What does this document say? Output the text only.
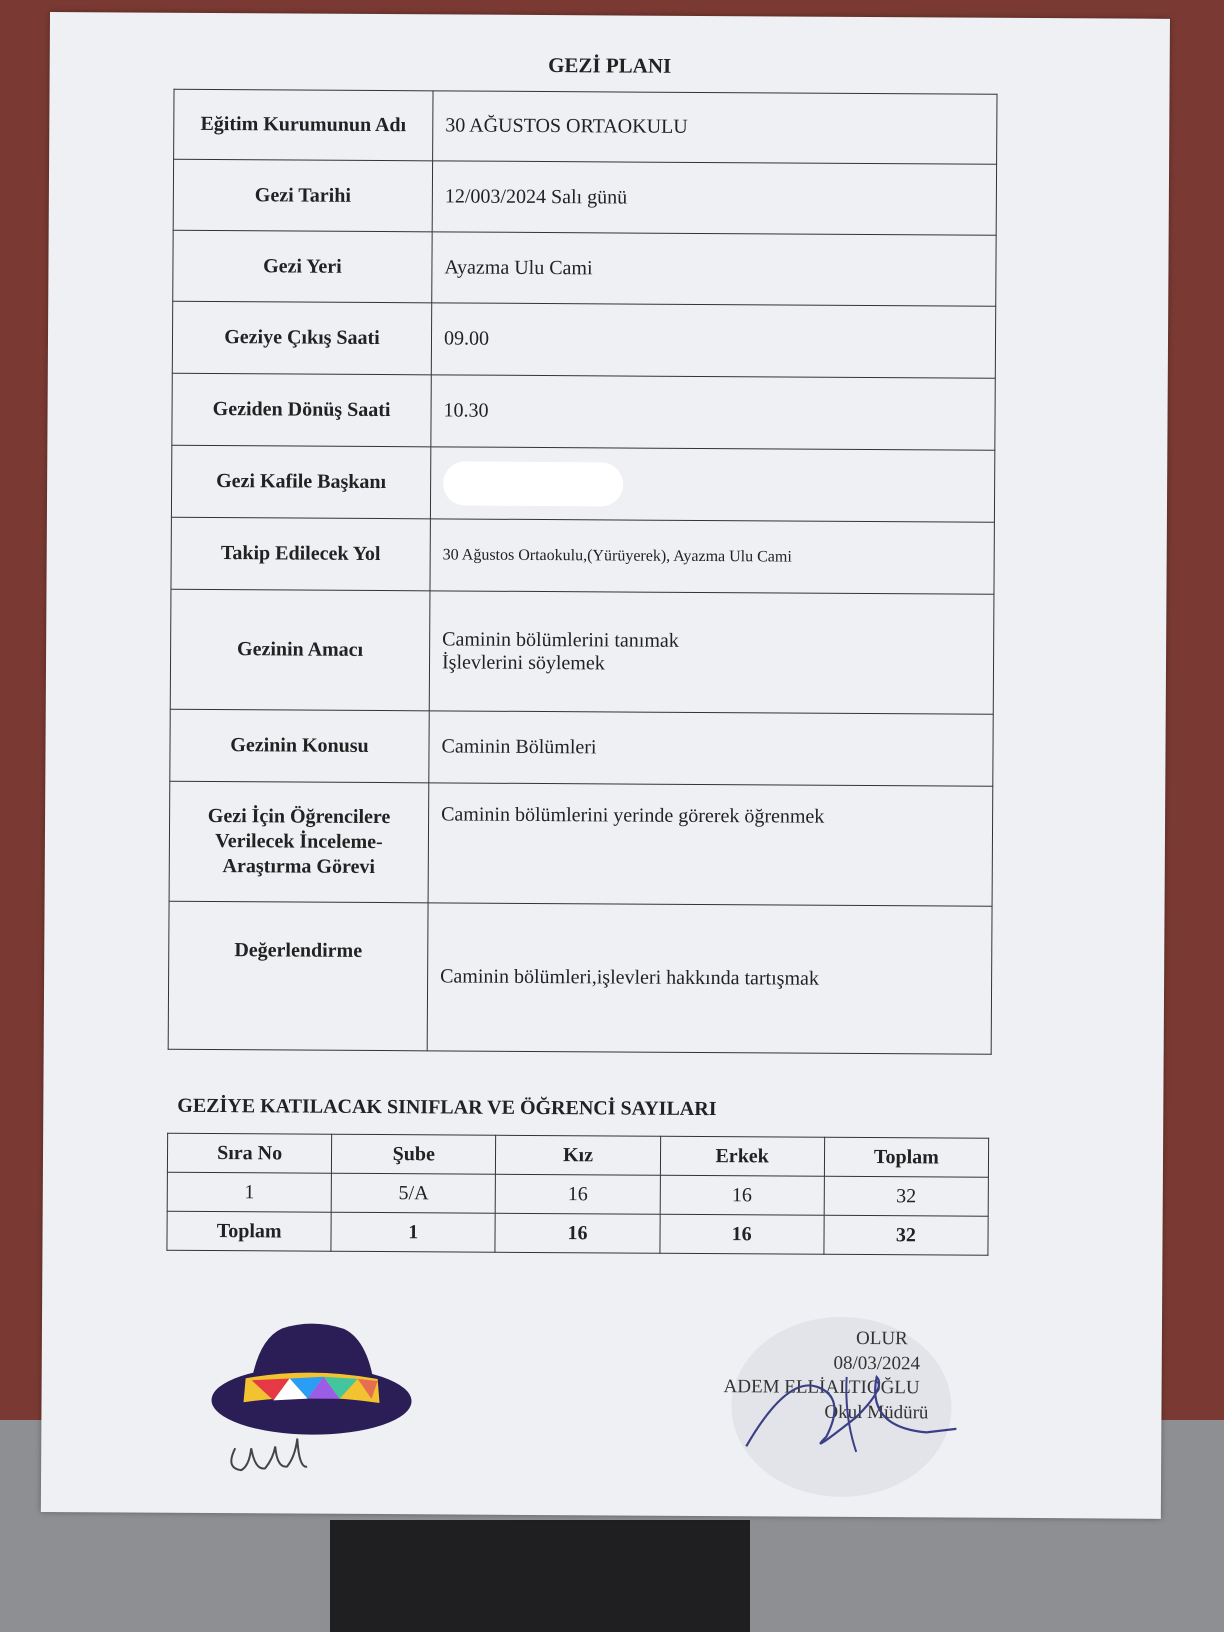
GEZİ PLANI
Eğitim Kurumunun Adı	30 AĞUSTOS ORTAOKULU
Gezi Tarihi	12/003/2024 Salı günü
Gezi Yeri	Ayazma Ulu Cami
Geziye Çıkış Saati	09.00
Geziden Dönüş Saati	10.30
Gezi Kafile Başkanı	
Takip Edilecek Yol	30 Ağustos Ortaokulu,(Yürüyerek), Ayazma Ulu Cami
Gezinin Amacı	Caminin bölümlerini tanımak
İşlevlerini söylemek

Gezinin Konusu	Caminin Bölümleri

Gezi İçin Öğrencilere
Verilecek İnceleme-
Araştırma Görevi	Caminin bölümlerini yerinde görerek öğrenmek
Değerlendirme	Caminin bölümleri,işlevleri hakkında tartışmak
GEZİYE KATILACAK SINIFLAR VE ÖĞRENCİ SAYILARI
Sıra No	Şube	Kız	Erkek	Toplam
1	5/A	16	16	32
Toplam	1	16	16	32
OLUR
08/03/2024
ADEM ELLİALTIOĞLU
Okul Müdürü
